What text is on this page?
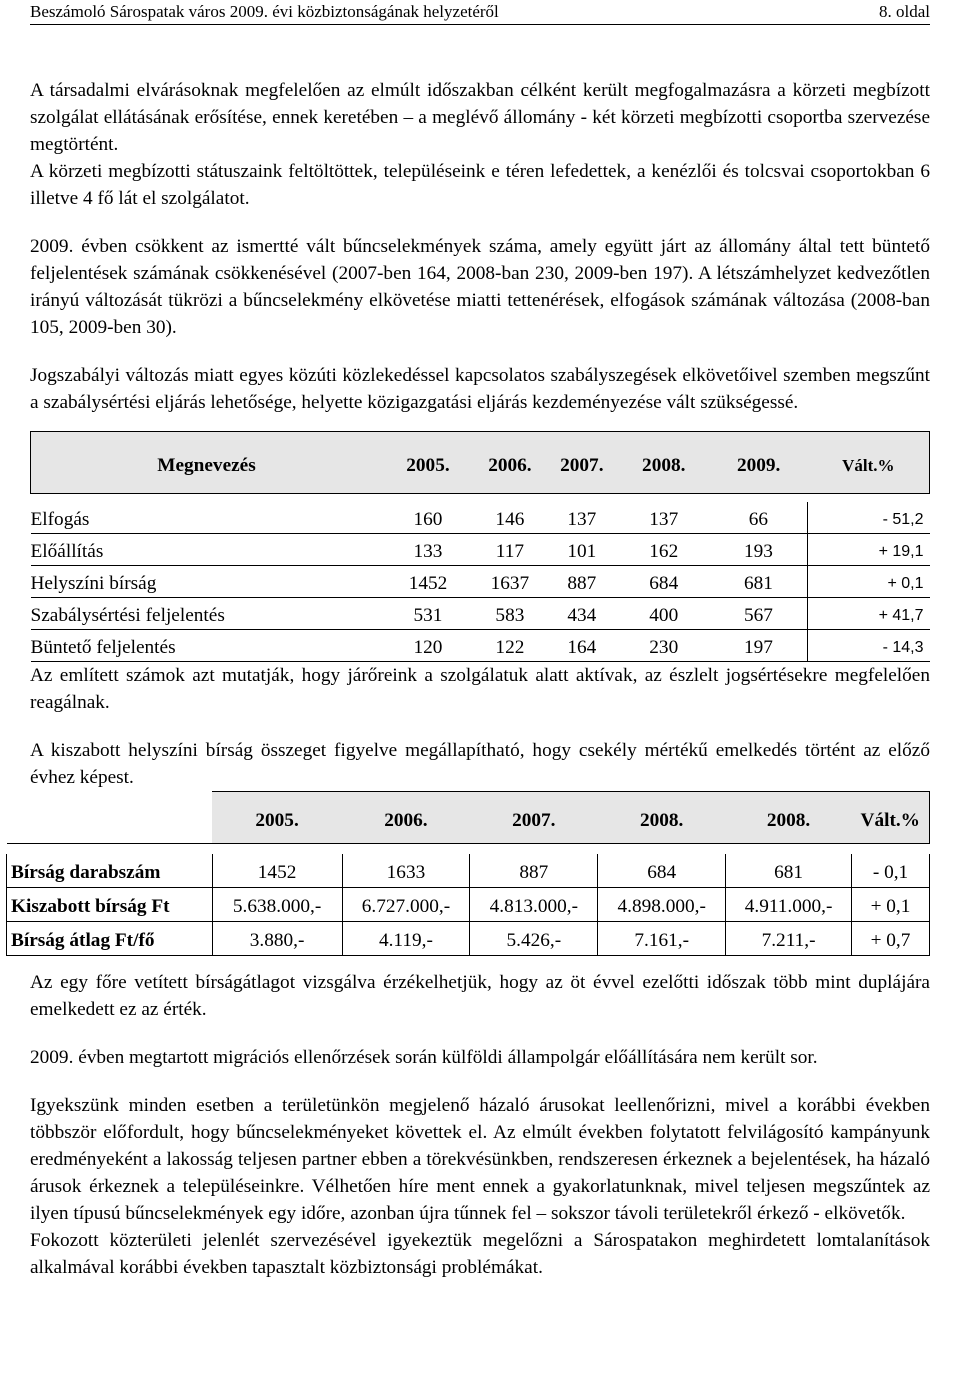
Beszámoló Sárospatak város 2009. évi közbiztonságának helyzetéről	8. oldal

A társadalmi elvárásoknak megfelelően az elmúlt időszakban célként került megfogalmazásra a körzeti megbízott szolgálat ellátásának erősítése, ennek keretében – a meglévő állomány - két körzeti megbízotti csoportba szervezése megtörtént.

A körzeti megbízotti státuszaink feltöltöttek, településeink e téren lefedettek, a kenézlői és tolcsvai csoportokban 6 illetve 4 fő lát el szolgálatot.

2009. évben csökkent az ismertté vált bűncselekmények száma, amely együtt járt az állomány által tett büntető feljelentések számának csökkenésével (2007-ben 164, 2008-ban 230, 2009-ben 197). A létszámhelyzet kedvezőtlen irányú változását tükrözi a bűncselekmény elkövetése miatti tettenérések, elfogások számának változása (2008-ban 105, 2009-ben 30).

Jogszabályi változás miatt egyes közúti közlekedéssel kapcsolatos szabályszegések elkövetőivel szemben megszűnt a szabálysértési eljárás lehetősége, helyette közigazgatási eljárás kezdeményezése vált szükségessé.

Megnevezés	2005.	2006.	2007.	2008.	2009.	Vált.%

Elfogás	160	146	137	137	66	- 51,2
Előállítás	133	117	101	162	193	+ 19,1
Helyszíni bírság	1452	1637	887	684	681	+ 0,1
Szabálysértési feljelentés	531	583	434	400	567	+ 41,7
Büntető feljelentés	120	122	164	230	197	- 14,3

Az említett számok azt mutatják, hogy járőreink a szolgálatuk alatt aktívak, az észlelt jogsértésekre megfelelően reagálnak.

A kiszabott helyszíni bírság összeget figyelve megállapítható, hogy csekély mértékű emelkedés történt az előző évhez képest.

	2005.	2006.	2007.	2008.	2008.	Vált.%

Bírság darabszám	1452	1633	887	684	681	- 0,1
Kiszabott bírság Ft	5.638.000,-	6.727.000,-	4.813.000,-	4.898.000,-	4.911.000,-	+ 0,1
Bírság átlag Ft/fő	3.880,-	4.119,-	5.426,-	7.161,-	7.211,-	+ 0,7

Az egy főre vetített bírságátlagot vizsgálva érzékelhetjük, hogy az öt évvel ezelőtti időszak több mint duplájára emelkedett ez az érték.

2009. évben megtartott migrációs ellenőrzések során külföldi állampolgár előállítására nem került sor.

Igyekszünk minden esetben a területünkön megjelenő házaló árusokat leellenőrizni, mivel a korábbi években többször előfordult, hogy bűncselekményeket követtek el. Az elmúlt években folytatott felvilágosító kampányunk eredményeként a lakosság teljesen partner ebben a törekvésünkben, rendszeresen érkeznek a bejelentések, ha házaló árusok érkeznek a településeinkre. Vélhetően híre ment ennek a gyakorlatunknak, mivel teljesen megszűntek az ilyen típusú bűncselekmények egy időre, azonban újra tűnnek fel – sokszor távoli területekről érkező - elkövetők.

Fokozott közterületi jelenlét szervezésével igyekeztük megelőzni a Sárospatakon meghirdetett lomtalanítások alkalmával korábbi években tapasztalt közbiztonsági problémákat.
